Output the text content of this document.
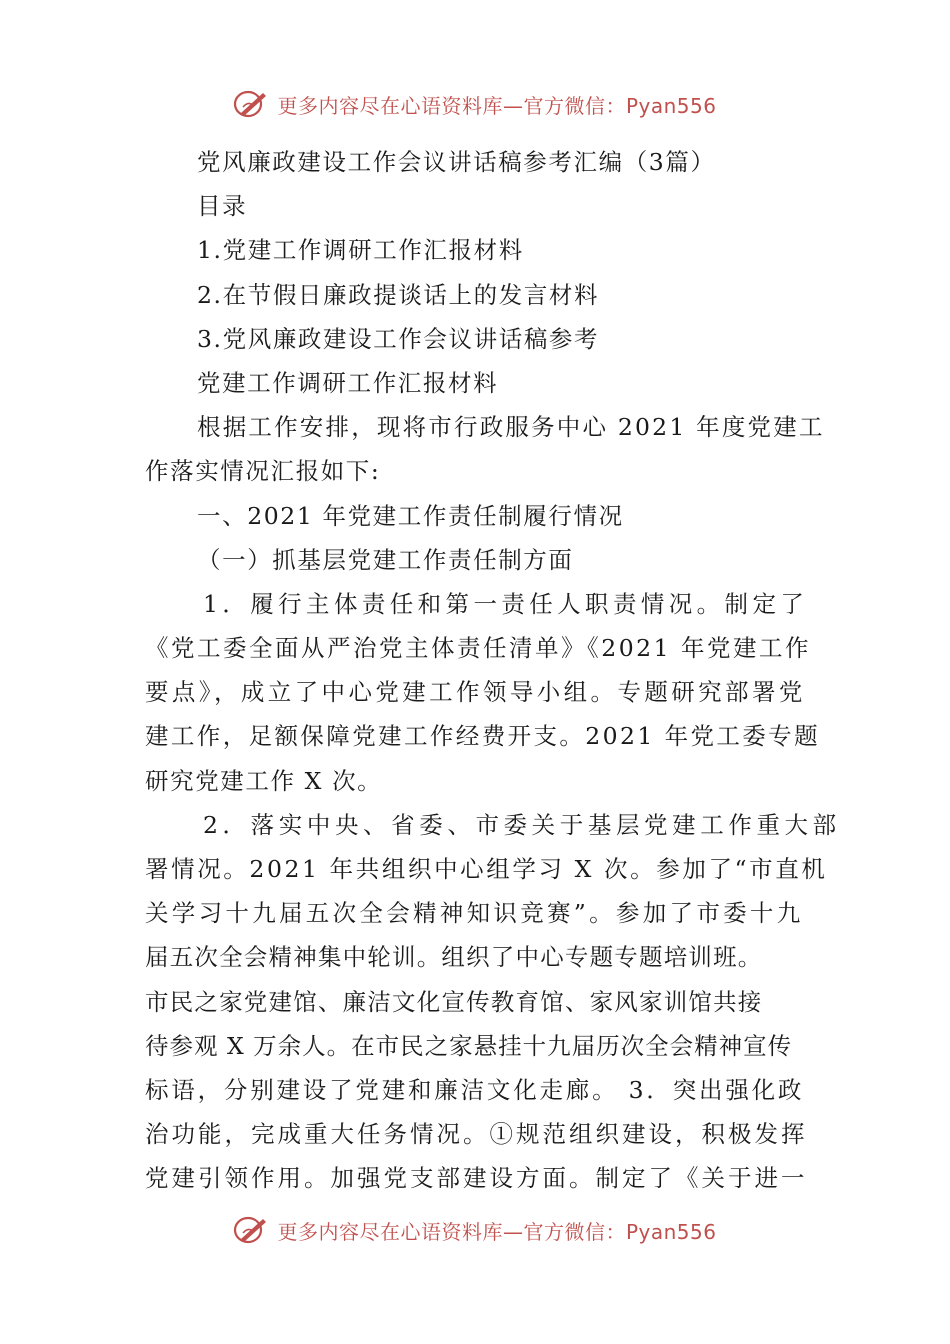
更多内容尽在心语资料库—官方微信：Pyan556
党风廉政建设工作会议讲话稿参考汇编（3篇）
目录
1.党建工作调研工作汇报材料
2.在节假日廉政提谈话上的发言材料
3.党风廉政建设工作会议讲话稿参考
党建工作调研工作汇报材料
根据工作安排，现将市行政服务中心 2021 年度党建工
作落实情况汇报如下:
一、2021 年党建工作责任制履行情况
（一）抓基层党建工作责任制方面
1．履行主体责任和第一责任人职责情况。制定了
《党工委全面从严治党主体责任清单》《2021 年党建工作
要点》，成立了中心党建工作领导小组。专题研究部署党
建工作，足额保障党建工作经费开支。2021 年党工委专题
研究党建工作 X 次。
2．落实中央、省委、市委关于基层党建工作重大部
署情况。2021 年共组织中心组学习 X 次。参加了“市直机
关学习十九届五次全会精神知识竞赛”。参加了市委十九
届五次全会精神集中轮训。组织了中心专题专题培训班。
市民之家党建馆、廉洁文化宣传教育馆、家风家训馆共接
待参观 X 万余人。在市民之家悬挂十九届历次全会精神宣传
标语，分别建设了党建和廉洁文化走廊。 3．突出强化政
治功能，完成重大任务情况。①规范组织建设，积极发挥
党建引领作用。加强党支部建设方面。制定了《关于进一
更多内容尽在心语资料库—官方微信：Pyan556
